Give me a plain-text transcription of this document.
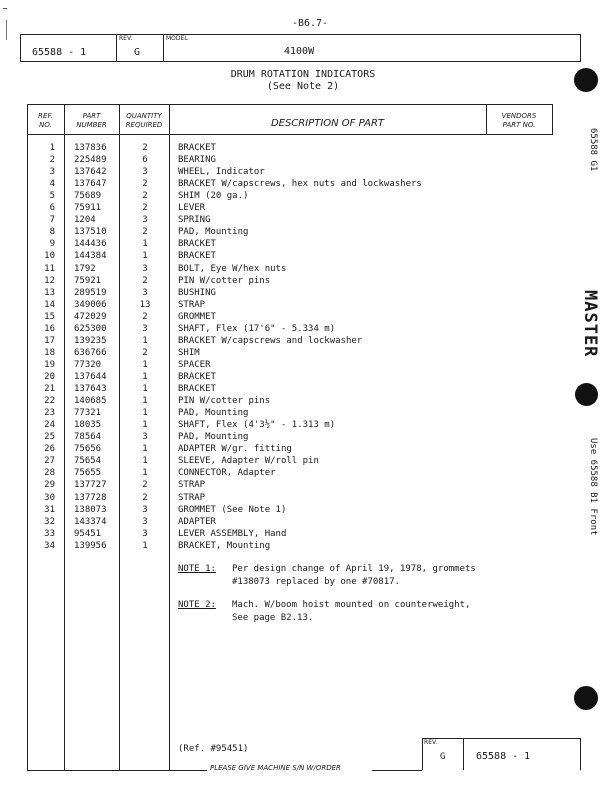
-B6.7-
65588 - 1
REV.
G
MODEL
4100W
DRUM ROTATION INDICATORS
(See Note 2)
REF.
NO.
PART
NUMBER
QUANTITY
REQUIRED	DESCRIPTION OF PART
VENDORS
PART NO.
1 137836	2	BRACKET
2 225489	6	BEARING
3 137642	3	WHEEL, Indicator
4 137647	2	BRACKET W/capscrews, hex nuts and lockwashers
5 75689	2	SHIM (20 ga.)
6 75911	2	LEVER
7 1204	3	SPRING
8 137510	2	PAD, Mounting
9 144436	1	BRACKET
10 144384	1	BRACKET
11 1792	3	BOLT, Eye W/hex nuts
12 75921	2	PIN W/cotter pins
13 289519	3	BUSHING
14 349006	13	STRAP
15 472029	2	GROMMET
16 625300	3	SHAFT, Flex (17'6" - 5.334 m)
17 139235	1	BRACKET W/capscrews and lockwasher
18 636766	2	SHIM
19 77320	1	SPACER
20 137644	1	BRACKET
21 137643	1	BRACKET
22 140685	1	PIN W/cotter pins
23 77321	1	PAD, Mounting
24 18035	1	SHAFT, Flex (4'3½" - 1.313 m)
25 78564	3	PAD, Mounting
26 75656	1	ADAPTER W/gr. fitting
27 75654	1	SLEEVE, Adapter W/roll pin
28 75655	1	CONNECTOR, Adapter
29 137727	2	STRAP
30 137728	2	STRAP
31 138073	3	GROMMET (See Note 1)
32 143374	3	ADAPTER
33 95451	3	LEVER ASSEMBLY, Hand
34 139956	1	BRACKET, Mounting
NOTE 1: Per design change of April 19, 1978, grommets
#138073 replaced by one #70817.
NOTE 2: Mach. W/boom hoist mounted on counterweight,
See page B2.13.
(Ref. #95451)
REV.
G	65588 - 1
PLEASE GIVE MACHINE S/N W/ORDER
65588 G1
MASTER
Use 65588 B1 Front
